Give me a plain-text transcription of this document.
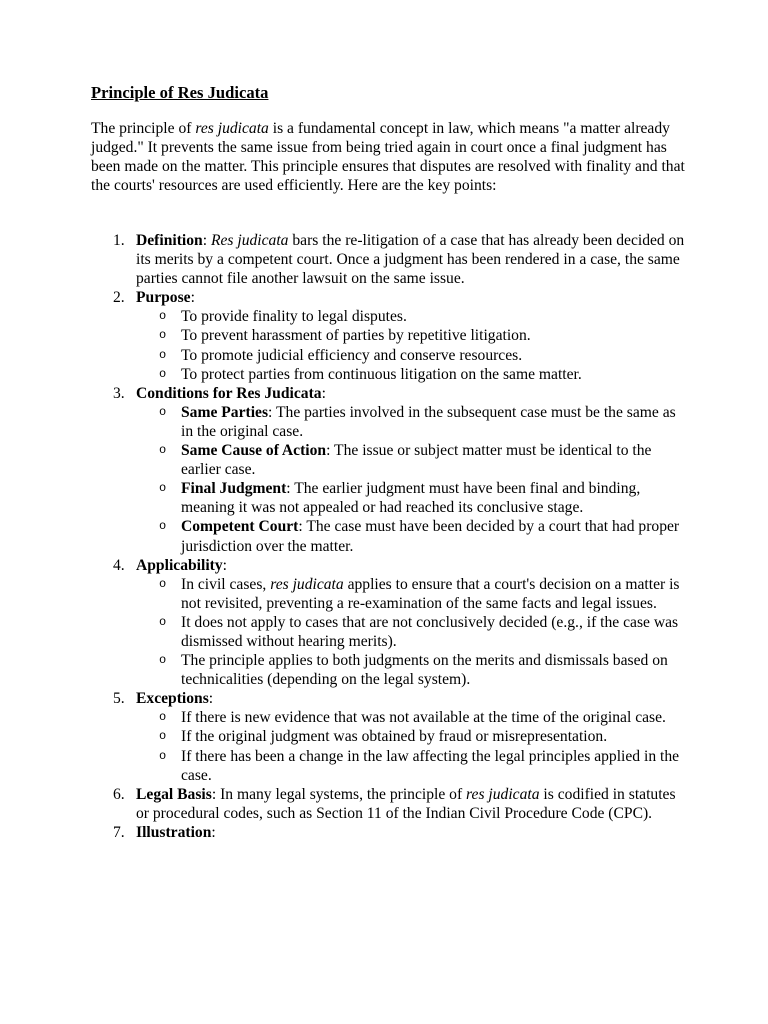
Principle of Res Judicata

The principle of res judicata is a fundamental concept in law, which means "a matter already judged." It prevents the same issue from being tried again in court once a final judgment has been made on the matter. This principle ensures that disputes are resolved with finality and that the courts' resources are used efficiently. Here are the key points:

1. Definition: Res judicata bars the re-litigation of a case that has already been decided on its merits by a competent court. Once a judgment has been rendered in a case, the same parties cannot file another lawsuit on the same issue.
2. Purpose:
o To provide finality to legal disputes.
o To prevent harassment of parties by repetitive litigation.
o To promote judicial efficiency and conserve resources.
o To protect parties from continuous litigation on the same matter.
3. Conditions for Res Judicata:
o Same Parties: The parties involved in the subsequent case must be the same as in the original case.
o Same Cause of Action: The issue or subject matter must be identical to the earlier case.
o Final Judgment: The earlier judgment must have been final and binding, meaning it was not appealed or had reached its conclusive stage.
o Competent Court: The case must have been decided by a court that had proper jurisdiction over the matter.
4. Applicability:
o In civil cases, res judicata applies to ensure that a court's decision on a matter is not revisited, preventing a re-examination of the same facts and legal issues.
o It does not apply to cases that are not conclusively decided (e.g., if the case was dismissed without hearing merits).
o The principle applies to both judgments on the merits and dismissals based on technicalities (depending on the legal system).
5. Exceptions:
o If there is new evidence that was not available at the time of the original case.
o If the original judgment was obtained by fraud or misrepresentation.
o If there has been a change in the law affecting the legal principles applied in the case.
6. Legal Basis: In many legal systems, the principle of res judicata is codified in statutes or procedural codes, such as Section 11 of the Indian Civil Procedure Code (CPC).
7. Illustration:
